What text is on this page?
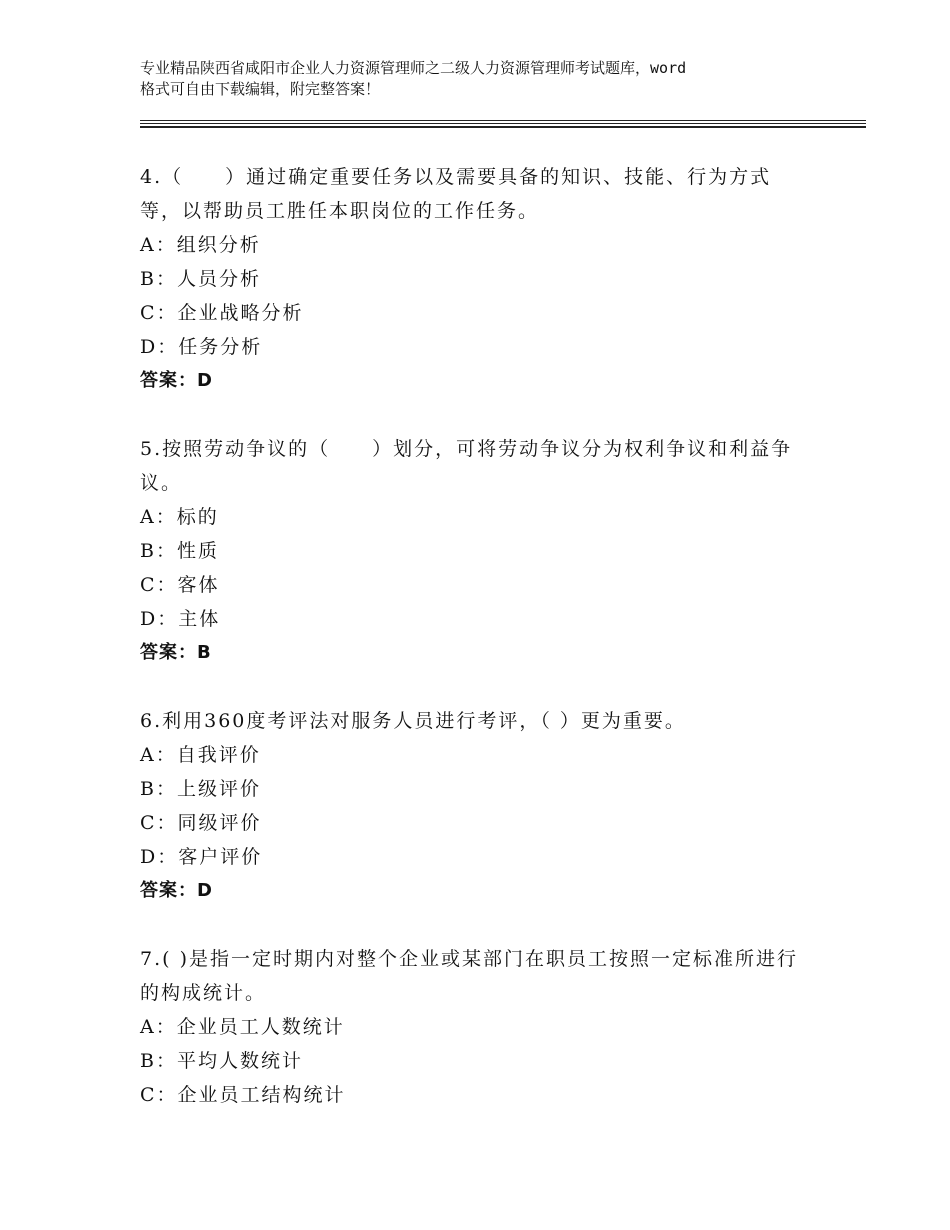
专业精品陕西省咸阳市企业人力资源管理师之二级人力资源管理师考试题库，word
格式可自由下载编辑，附完整答案！

4.（　　）通过确定重要任务以及需要具备的知识、技能、行为方式等，以帮助员工胜任本职岗位的工作任务。

A：组织分析

B：人员分析

C：企业战略分析

D：任务分析

答案：D

5.按照劳动争议的（　　）划分，可将劳动争议分为权利争议和利益争议。

A：标的

B：性质

C：客体

D：主体

答案：B

6.利用360度考评法对服务人员进行考评，（ ）更为重要。

A：自我评价

B：上级评价

C：同级评价

D：客户评价

答案：D

7.( )是指一定时期内对整个企业或某部门在职员工按照一定标准所进行的构成统计。

A：企业员工人数统计

B：平均人数统计

C：企业员工结构统计
